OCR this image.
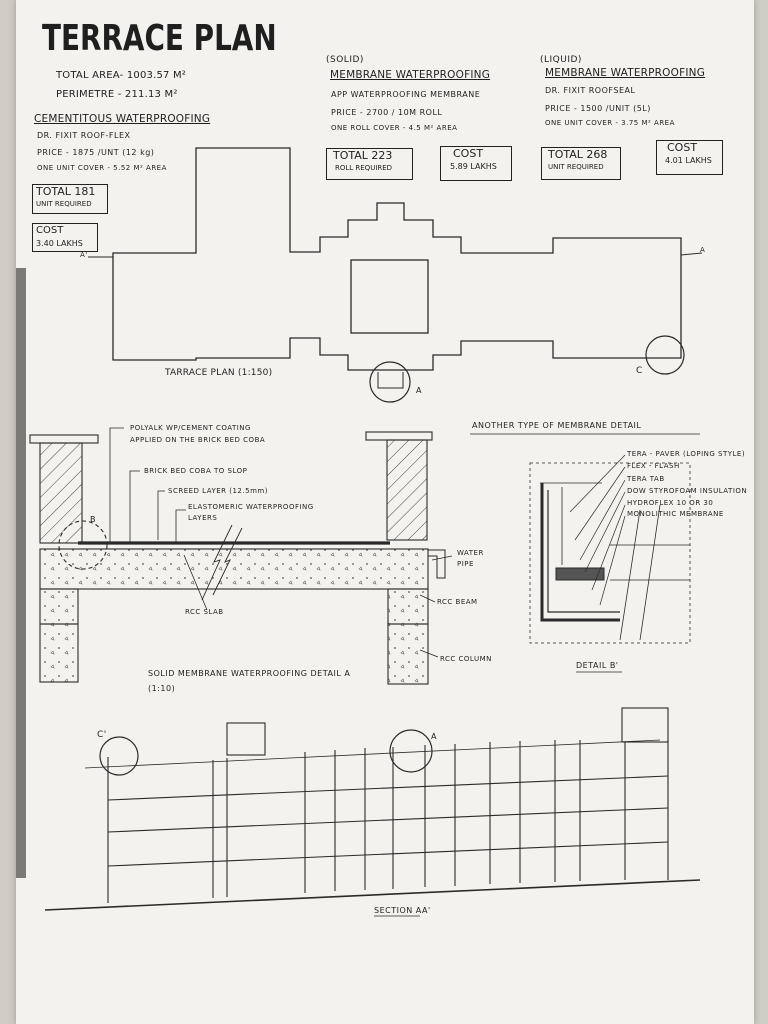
TERRACE PLAN
TOTAL AREA- 1003.57 M²
PERIMETRE - 211.13 M²
CEMENTITOUS WATERPROOFING
DR. FIXIT ROOF-FLEX
PRICE - 1875 /UNT (12 kg)
ONE UNIT COVER - 5.52 M² AREA
TOTAL 181
UNIT REQUIRED
COST
3.40 LAKHS
(SOLID)
MEMBRANE WATERPROOFING
APP WATERPROOFING MEMBRANE
PRICE - 2700 / 10M ROLL
ONE ROLL COVER - 4.5 M² AREA
TOTAL 223
ROLL REQUIRED
COST
5.89 LAKHS
(LIQUID)
MEMBRANE WATERPROOFING
DR. FIXIT ROOFSEAL
PRICE - 1500 /UNIT (5L)
ONE UNIT COVER - 3.75 M² AREA
TOTAL 268
UNIT REQUIRED
COST
4.01 LAKHS
A'
A
TARRACE PLAN (1:150)
A
C
POLYALK WP/CEMENT COATING
APPLIED ON THE BRICK BED COBA
BRICK BED COBA TO SLOP
SCREED LAYER (12.5mm)
ELASTOMERIC WATERPROOFING
LAYERS
WATER
PIPE
RCC SLAB
RCC BEAM
RCC COLUMN
B
SOLID MEMBRANE WATERPROOFING DETAIL A
(1:10)
ANOTHER TYPE OF MEMBRANE DETAIL
TERA - PAVER (LOPING STYLE)
FLEX - FLASH
TERA TAB
DOW STYROFOAM INSULATION
HYDROFLEX 10 OR 30
MONOLITHIC MEMBRANE
DETAIL B'
C'	A
SECTION AA'
